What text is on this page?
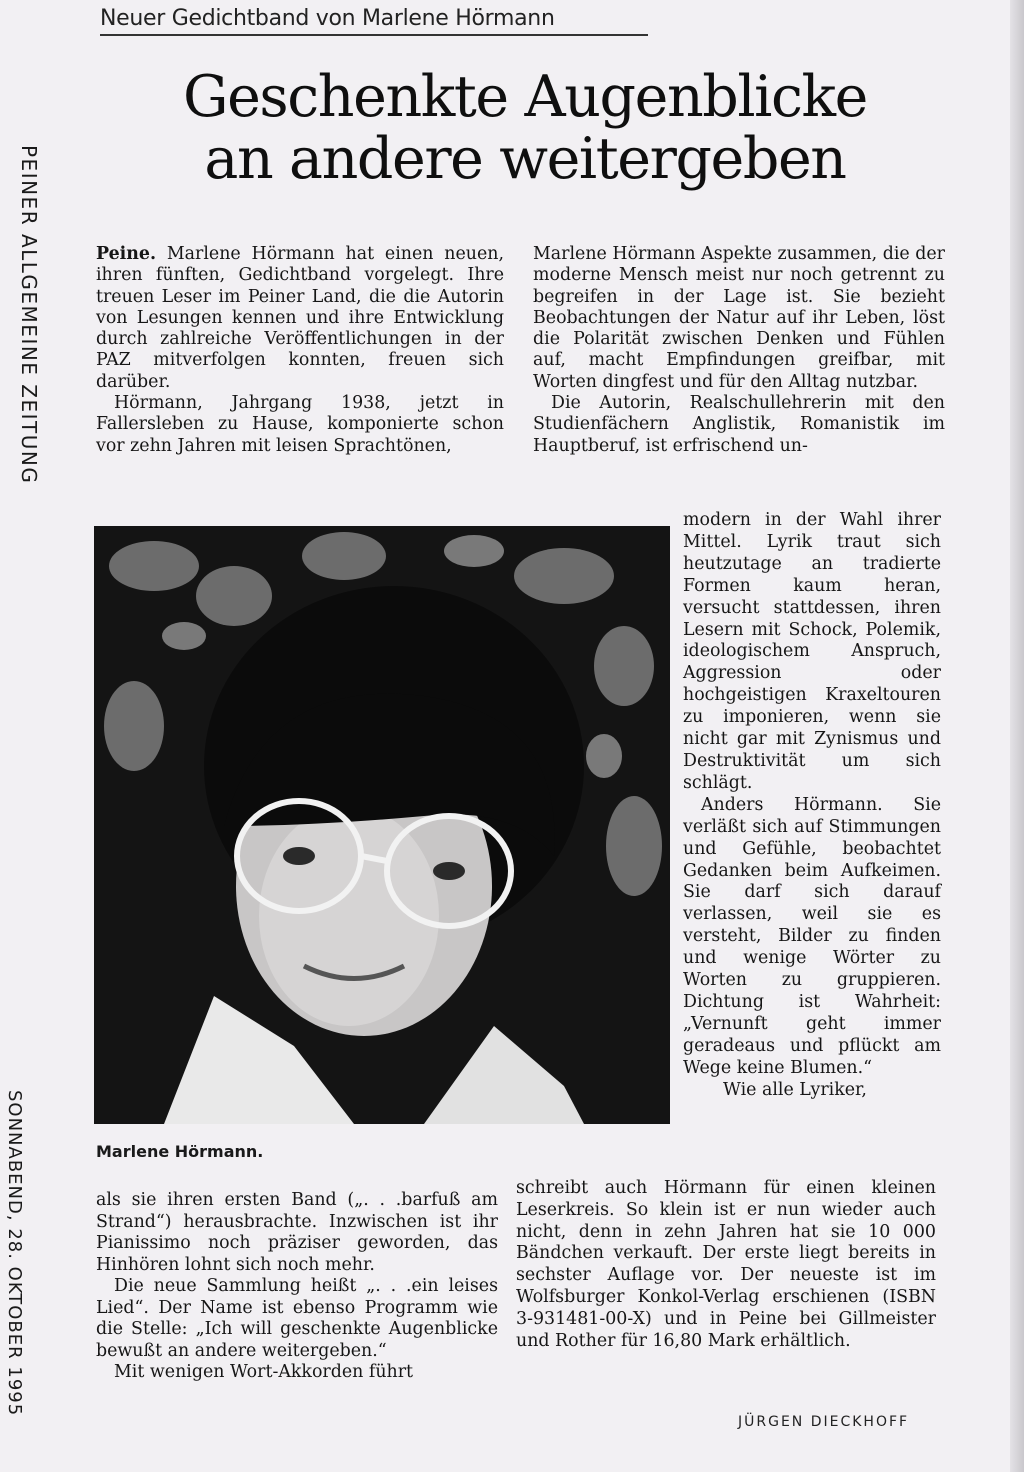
Neuer Gedichtband von Marlene Hörmann
Geschenkte Augenblicke
an andere weitergeben
PEINER ALLGEMEINE ZEITUNG
SONNABEND, 28. OKTOBER 1995

Peine. Marlene Hörmann hat einen neuen, ihren fünften, Gedichtband vorgelegt. Ihre treuen Leser im Peiner Land, die die Autorin von Lesungen kennen und ihre Entwicklung durch zahlreiche Veröffentlichungen in der PAZ mitverfolgen konnten, freuen sich darüber.

Hörmann, Jahrgang 1938, jetzt in Fallersleben zu Hause, komponierte schon vor zehn Jahren mit leisen Sprachtönen,

Marlene Hörmann Aspekte zusammen, die der moderne Mensch meist nur noch getrennt zu begreifen in der Lage ist. Sie bezieht Beobachtungen der Natur auf ihr Leben, löst die Polarität zwischen Denken und Fühlen auf, macht Empfindungen greifbar, mit Worten dingfest und für den Alltag nutzbar.

Die Autorin, Realschullehrerin mit den Studienfächern Anglistik, Romanistik im Hauptberuf, ist erfrischend un-

Marlene Hörmann.

modern in der Wahl ihrer Mittel. Lyrik traut sich heutzutage an tradierte Formen kaum heran, versucht stattdessen, ihren Lesern mit Schock, Polemik, ideologischem Anspruch, Aggression oder hochgeistigen Kraxeltouren zu imponieren, wenn sie nicht gar mit Zynismus und Destruktivität um sich schlägt.

Anders Hörmann. Sie verläßt sich auf Stimmungen und Gefühle, beobachtet Gedanken beim Aufkeimen. Sie darf sich darauf verlassen, weil sie es versteht, Bilder zu finden und wenige Wörter zu Worten zu gruppieren. Dichtung ist Wahrheit: „Vernunft geht immer geradeaus und pflückt am Wege keine Blumen.“

Wie alle Lyriker,

als sie ihren ersten Band („. . .barfuß am Strand“) herausbrachte. Inzwischen ist ihr Pianissimo noch präziser geworden, das Hinhören lohnt sich noch mehr.

Die neue Sammlung heißt „. . .ein leises Lied“. Der Name ist ebenso Programm wie die Stelle: „Ich will geschenkte Augenblicke bewußt an andere weitergeben.“

Mit wenigen Wort-Akkorden führt

schreibt auch Hörmann für einen kleinen Leserkreis. So klein ist er nun wieder auch nicht, denn in zehn Jahren hat sie 10 000 Bändchen verkauft. Der erste liegt bereits in sechster Auflage vor. Der neueste ist im Wolfsburger Konkol-Verlag erschienen (ISBN 3-931481-00-X) und in Peine bei Gillmeister und Rother für 16,80 Mark erhältlich.

JÜRGEN DIECKHOFF
